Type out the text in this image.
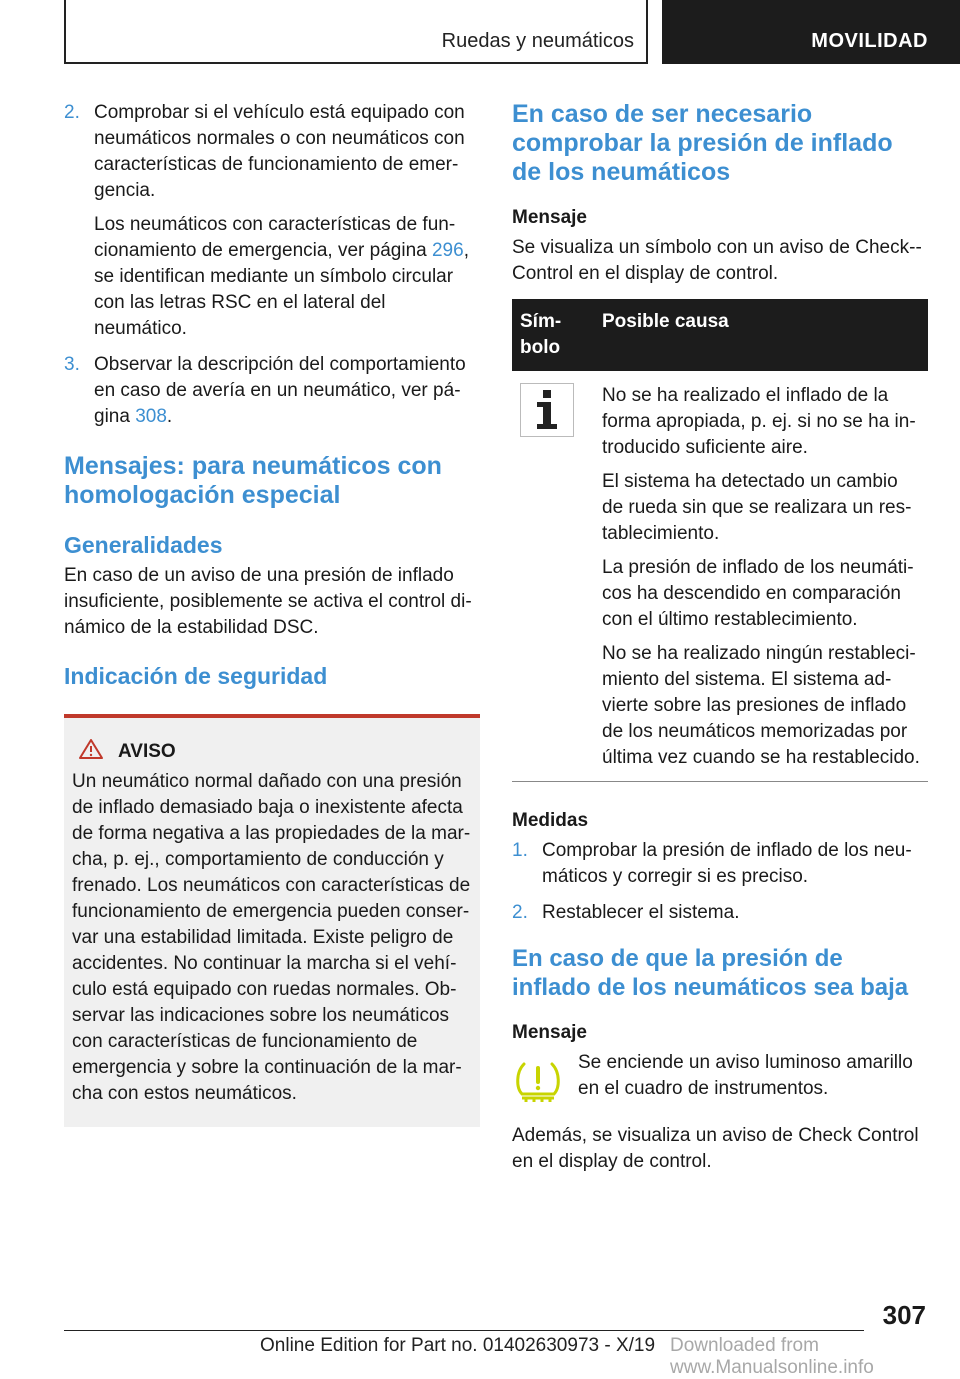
Ruedas y neumáticos	MOVILIDAD
2. Comprobar si el vehículo está equipado con neumáticos normales o con neumáticos con características de funcionamiento de emergencia.

Los neumáticos con características de funcionamiento de emergencia, ver página 296, se identifican mediante un símbolo circular con las letras RSC en el lateral del neumático.

3. Observar la descripción del comportamiento en caso de avería en un neumático, ver página 308.

Mensajes: para neumáticos con homologación especial
Generalidades

En caso de un aviso de una presión de inflado insuficiente, posiblemente se activa el control dinámico de la estabilidad DSC.

Indicación de seguridad
AVISO

Un neumático normal dañado con una presión de inflado demasiado baja o inexistente afecta de forma negativa a las propiedades de la marcha, p. ej., comportamiento de conducción y frenado. Los neumáticos con características de funcionamiento de emergencia pueden conservar una estabilidad limitada. Existe peligro de accidentes. No continuar la marcha si el vehículo está equipado con ruedas normales. Observar las indicaciones sobre los neumáticos con características de funcionamiento de emergencia y sobre la continuación de la marcha con estos neumáticos.

En caso de ser necesario comprobar la presión de inflado de los neumáticos
Mensaje

Se visualiza un símbolo con un aviso de Check-Control en el display de control.

Símbolo	Posible causa

No se ha realizado el inflado de la forma apropiada, p. ej. si no se ha introducido suficiente aire.

El sistema ha detectado un cambio de rueda sin que se realizara un restablecimiento.

La presión de inflado de los neumáticos ha descendido en comparación con el último restablecimiento.

No se ha realizado ningún restablecimiento del sistema. El sistema advierte sobre las presiones de inflado de los neumáticos memorizadas por última vez cuando se ha restablecido.

Medidas
1. Comprobar la presión de inflado de los neumáticos y corregir si es preciso.

2. Restablecer el sistema.

En caso de que la presión de inflado de los neumáticos sea baja
Mensaje

Se enciende un aviso luminoso amarillo en el cuadro de instrumentos.

Además, se visualiza un aviso de Check Control en el display de control.

307
Online Edition for Part no. 01402630973 - X/19 Downloaded from www.Manualsonline.info
